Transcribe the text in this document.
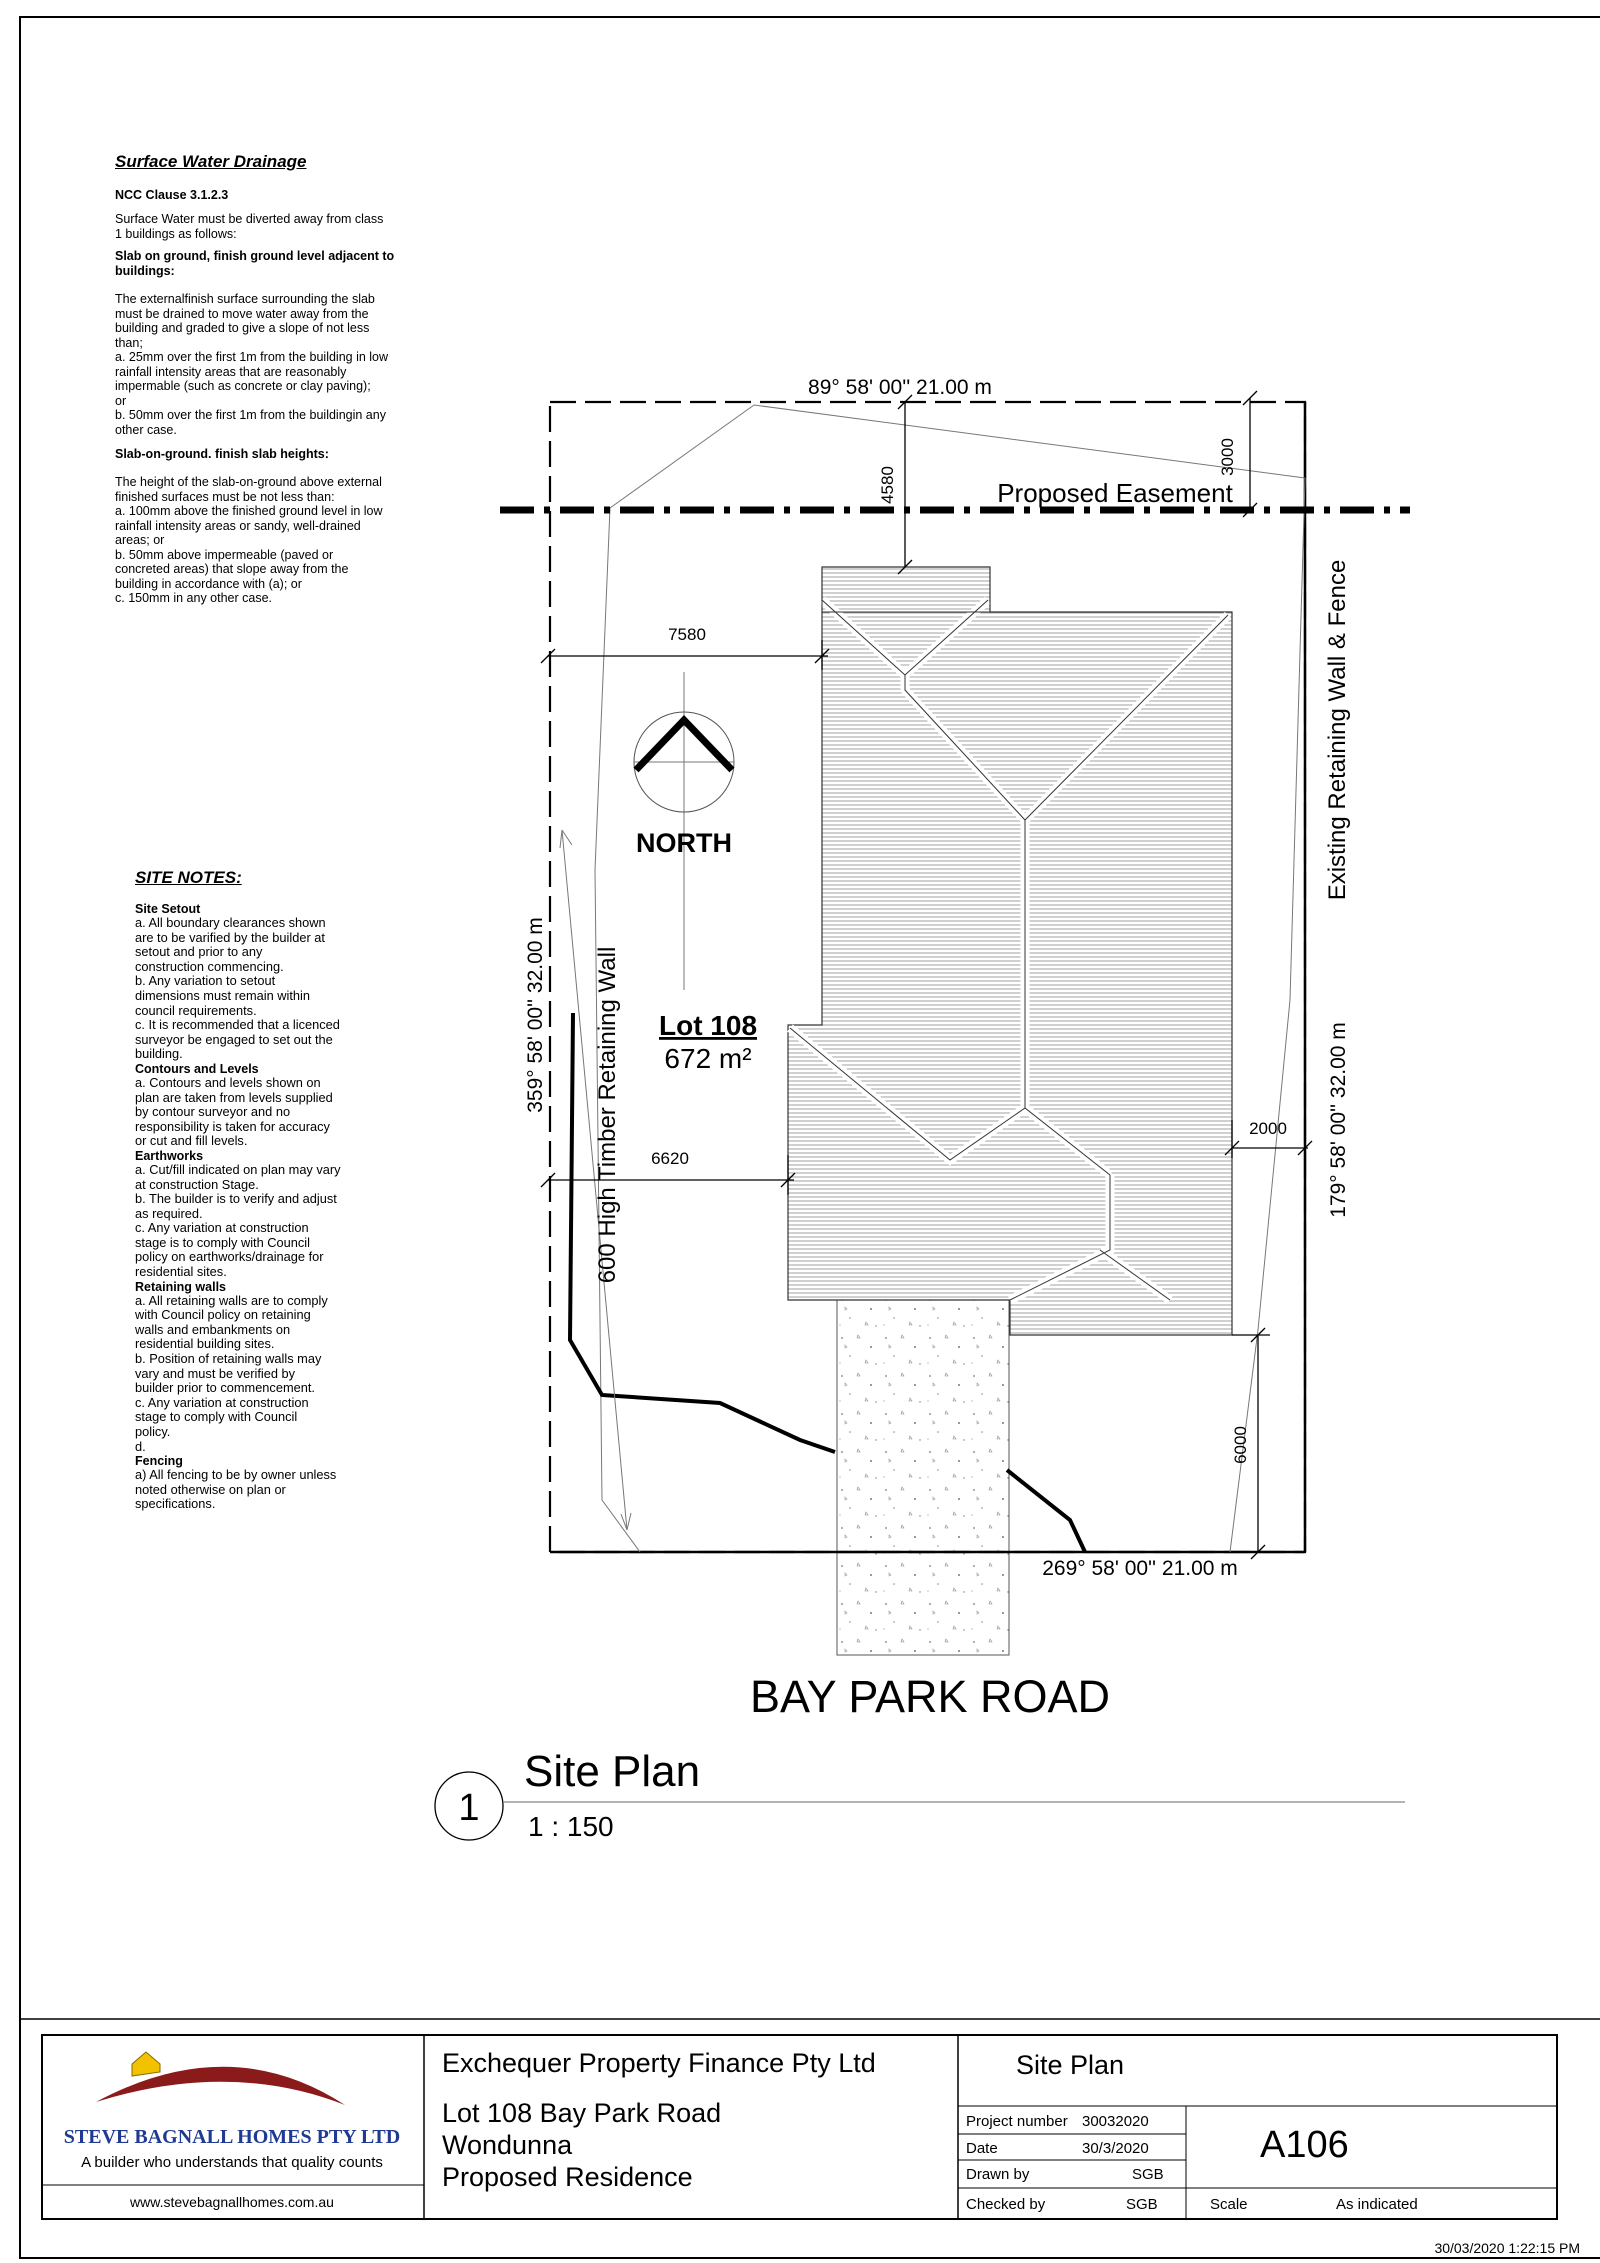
Surface Water Drainage
NCC Clause 3.1.2.3
Surface Water must be diverted away from class
1 buildings as follows:
Slab on ground, finish ground level adjacent to
buildings:
The externalfinish surface surrounding the slab
must be drained to move water away from the
building and graded to give a slope of not less
than;
a. 25mm over the first 1m from the building in low
rainfall intensity areas that are reasonably
impermable (such as concrete or clay paving);
or
b. 50mm over the first 1m from the buildingin any
other case.
Slab-on-ground. finish slab heights:
The height of the slab-on-ground above external
finished surfaces must be not less than:
a. 100mm above the finished ground level in low
rainfall intensity areas or sandy, well-drained
areas; or
b. 50mm above impermeable (paved or
concreted areas) that slope away from the
building in accordance with (a); or
c. 150mm in any other case.
SITE NOTES:
Site Setout
a. All boundary clearances shown
are to be varified by the builder at
setout and prior to any
construction commencing.
b. Any variation to setout
dimensions must remain within
council requirements.
c. It is recommended that a licenced
surveyor be engaged to set out the
building.
Contours and Levels
a. Contours and levels shown on
plan are taken from levels supplied
by contour surveyor and no
responsibility is taken for accuracy
or cut and fill levels.
Earthworks
a. Cut/fill indicated on plan may vary
at construction Stage.
b. The builder is to verify and adjust
as required.
c. Any variation at construction
stage is to comply with Council
policy on earthworks/drainage for
residential sites.
Retaining walls
a. All retaining walls are to comply
with Council policy on retaining
walls and embankments on
residential building sites.
b. Position of retaining walls may
vary and must be verified by
builder prior to commencement.
c. Any variation at construction
stage to comply with Council
policy.
d.
Fencing
a) All fencing to be by owner unless
noted otherwise on plan or
specifications.
89° 58' 00'' 21.00 m
269° 58' 00'' 21.00 m
359° 58' 00'' 32.00 m
179° 58' 00'' 32.00 m
Proposed Easement
4580
3000
7580
6620
2000
6000
NORTH
Lot 108
672 m²
600 High Timber Retaining Wall
Existing Retaining Wall & Fence
BAY PARK ROAD
1
Site Plan
1 : 150
STEVE BAGNALL HOMES PTY LTD
A builder who understands that quality counts
www.stevebagnallhomes.com.au
Exchequer Property Finance Pty Ltd
Lot 108 Bay Park Road
Wondunna
Proposed Residence
Site Plan
Project number 30032020
Date	30/3/2020
Drawn by	SGB
Checked by	SGB
A106
Scale	As indicated
30/03/2020 1:22:15 PM
